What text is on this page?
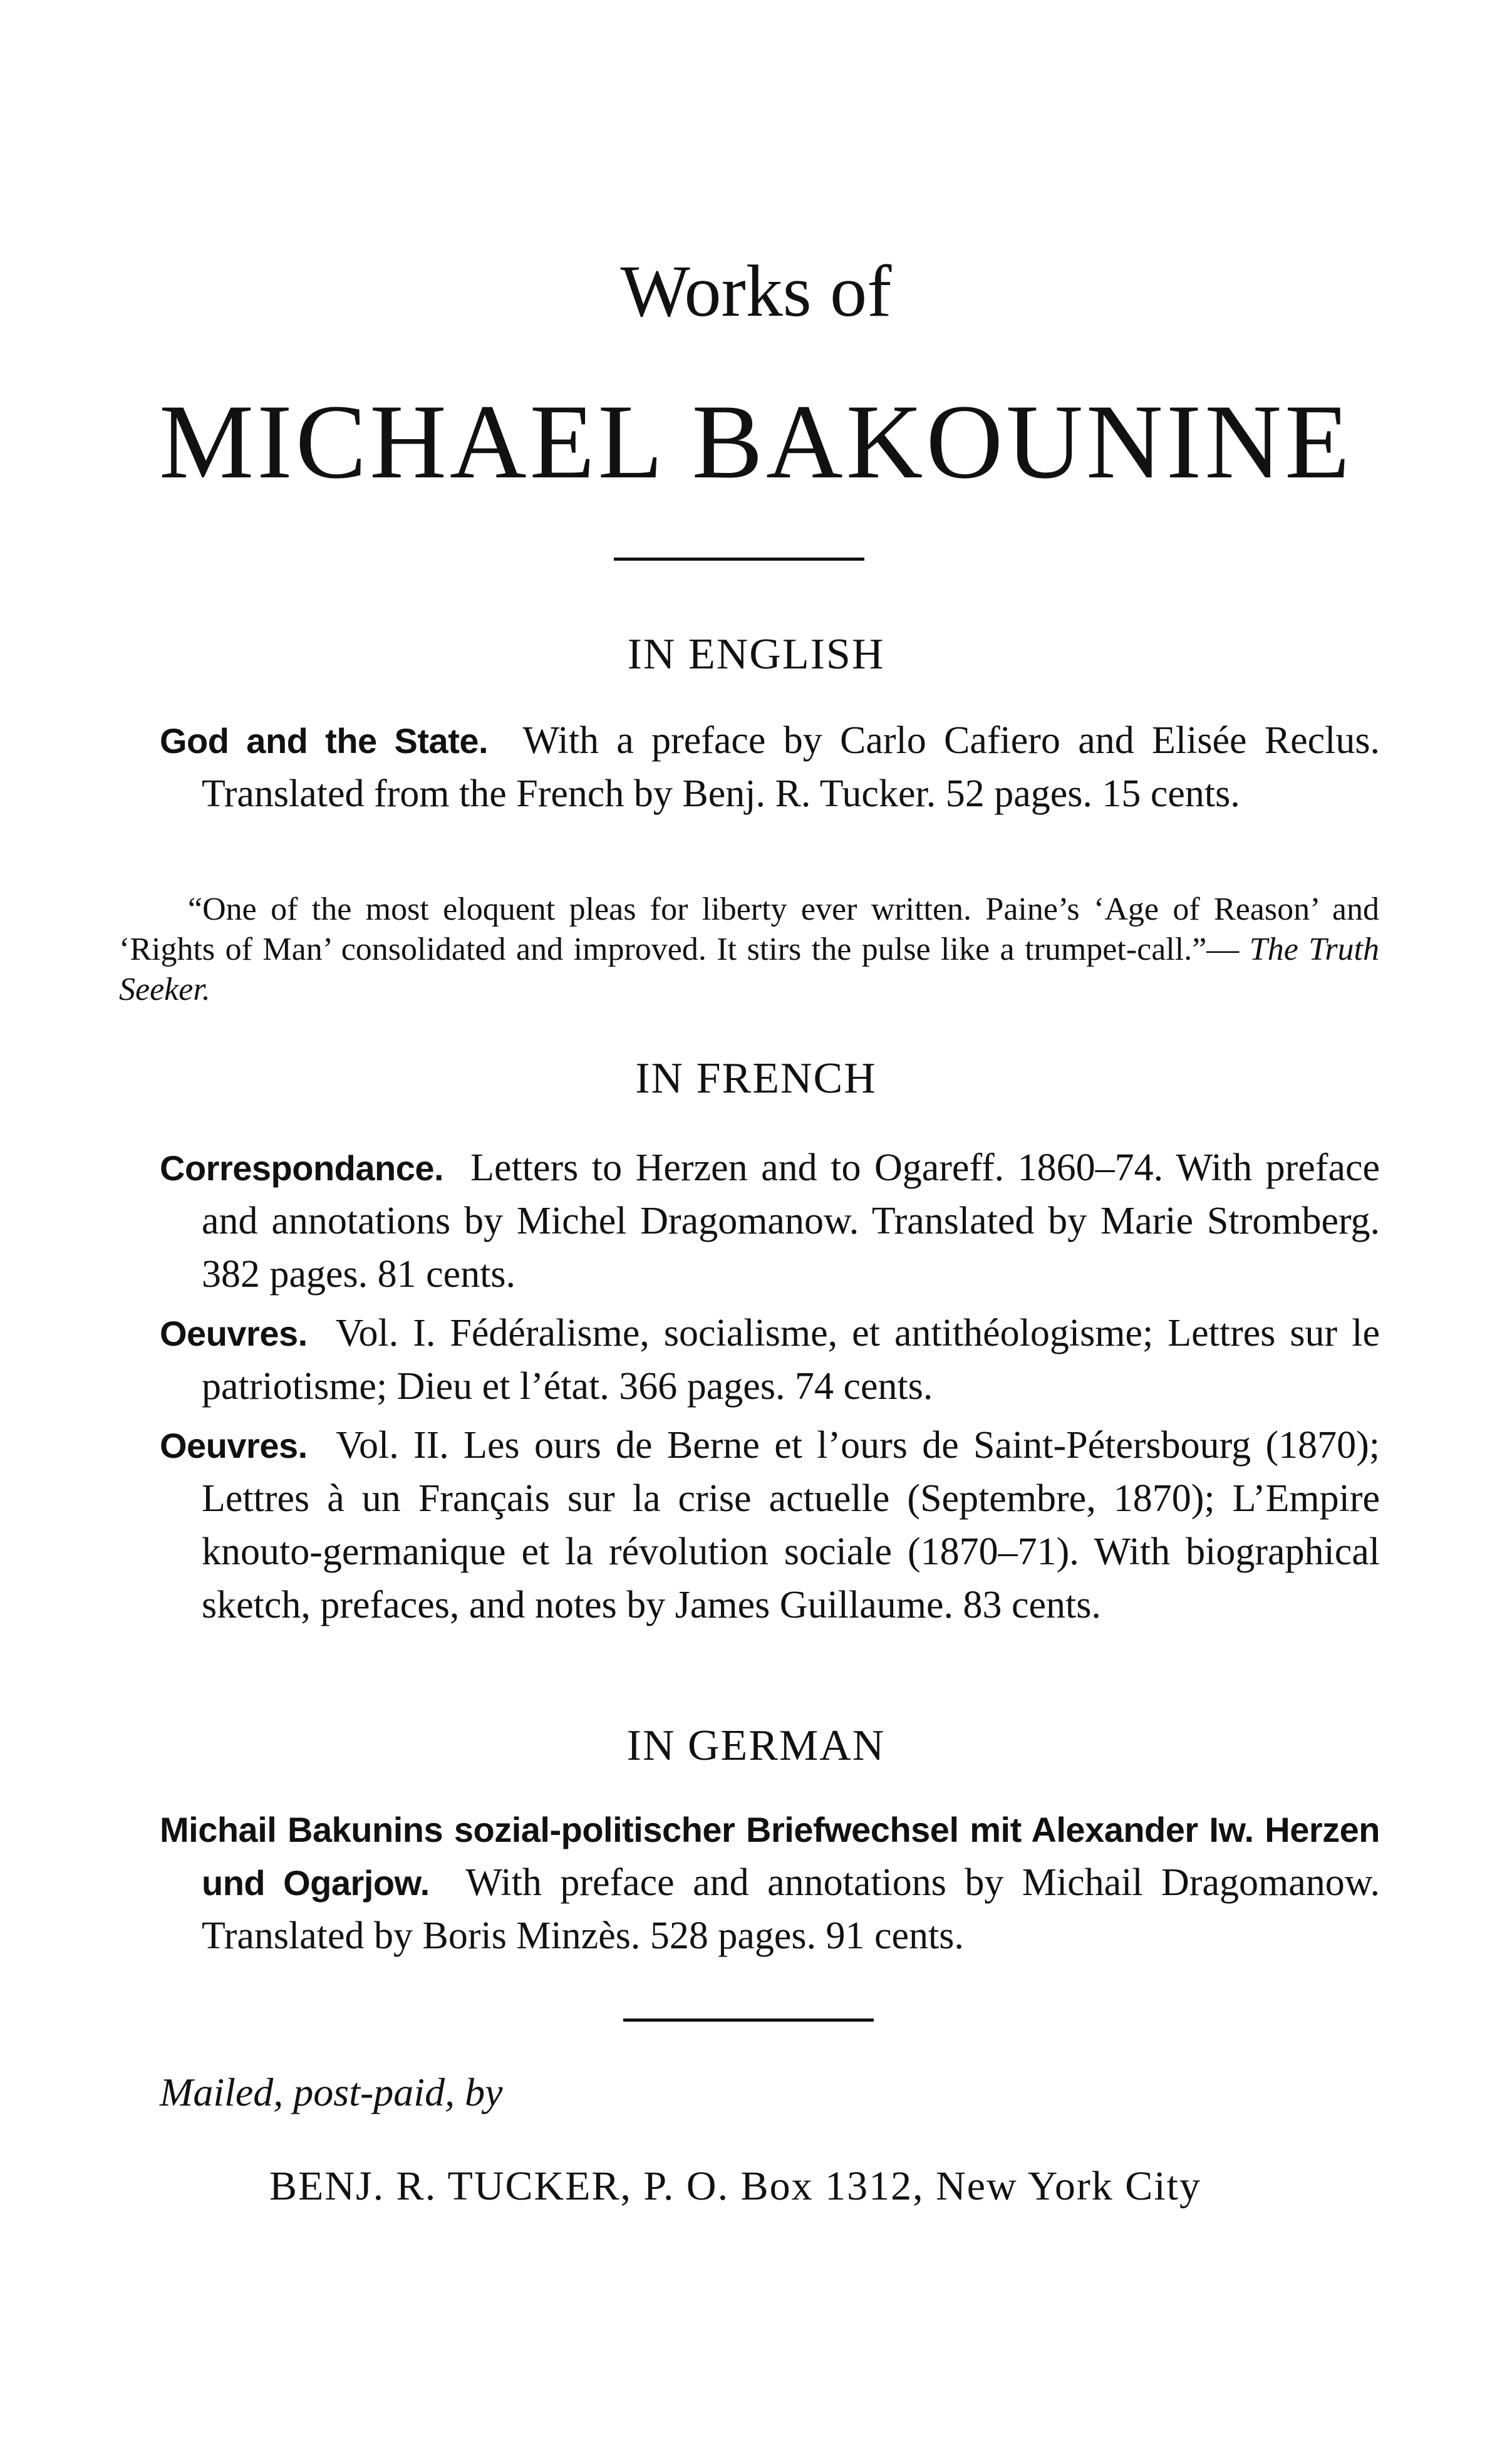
Works of
MICHAEL BAKOUNINE
IN ENGLISH
God and the State. With a preface by Carlo Cafiero and Elisée Reclus. Translated from the French by Benj. R. Tucker. 52 pages. 15 cents.
“One of the most eloquent pleas for liberty ever written. Paine’s ‘Age of Reason’ and ‘Rights of Man’ consolidated and improved. It stirs the pulse like a trumpet-call.”— The Truth Seeker.
IN FRENCH
Correspondance. Letters to Herzen and to Ogareff. 1860–74. With preface and annotations by Michel Dragomanow. Translated by Marie Stromberg. 382 pages. 81 cents.
Oeuvres. Vol. I. Fédéralisme, socialisme, et antithéologisme; Lettres sur le patriotisme; Dieu et l’état. 366 pages. 74 cents.
Oeuvres. Vol. II. Les ours de Berne et l’ours de Saint-Pétersbourg (1870); Lettres à un Français sur la crise actuelle (Septembre, 1870); L’Empire knouto-germanique et la révolution sociale (1870–71). With biographical sketch, prefaces, and notes by James Guillaume. 83 cents.
IN GERMAN
Michail Bakunins sozial-politischer Briefwechsel mit Alexander Iw. Herzen und Ogarjow. With preface and annotations by Michail Dragomanow. Translated by Boris Minzès. 528 pages. 91 cents.
Mailed, post-paid, by
BENJ. R. TUCKER, P. O. Box 1312, New York City
